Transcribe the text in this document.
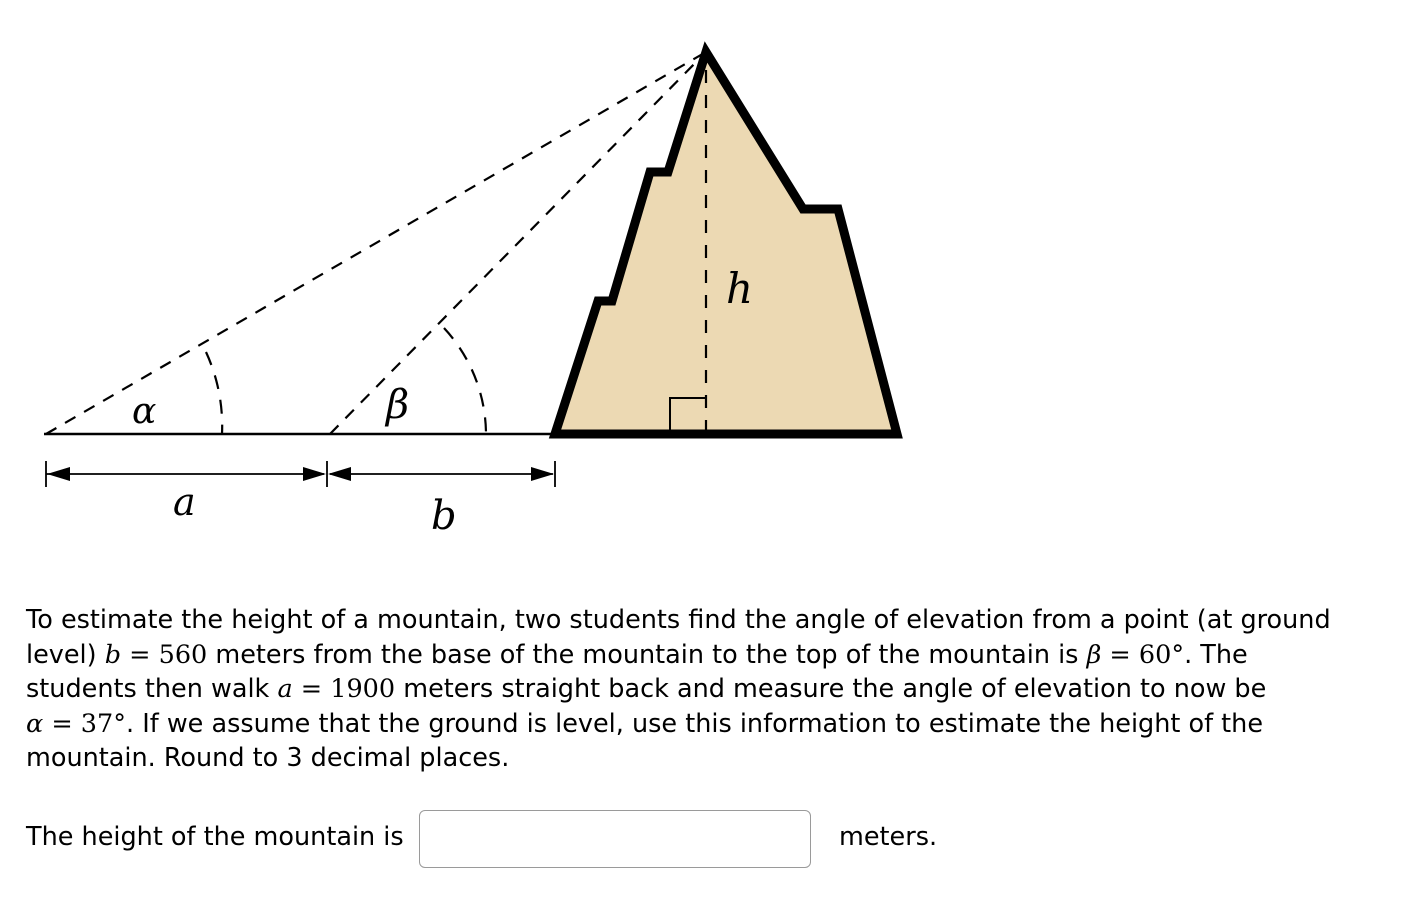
α	β
h
a	b

To estimate the height of a mountain, two students find the angle of elevation from a point (at ground
level) b = 560 meters from the base of the mountain to the top of the mountain is β = 60°. The
students then walk a = 1900 meters straight back and measure the angle of elevation to now be
α = 37°. If we assume that the ground is level, use this information to estimate the height of the
mountain. Round to 3 decimal places.

The height of the mountain is	meters.
